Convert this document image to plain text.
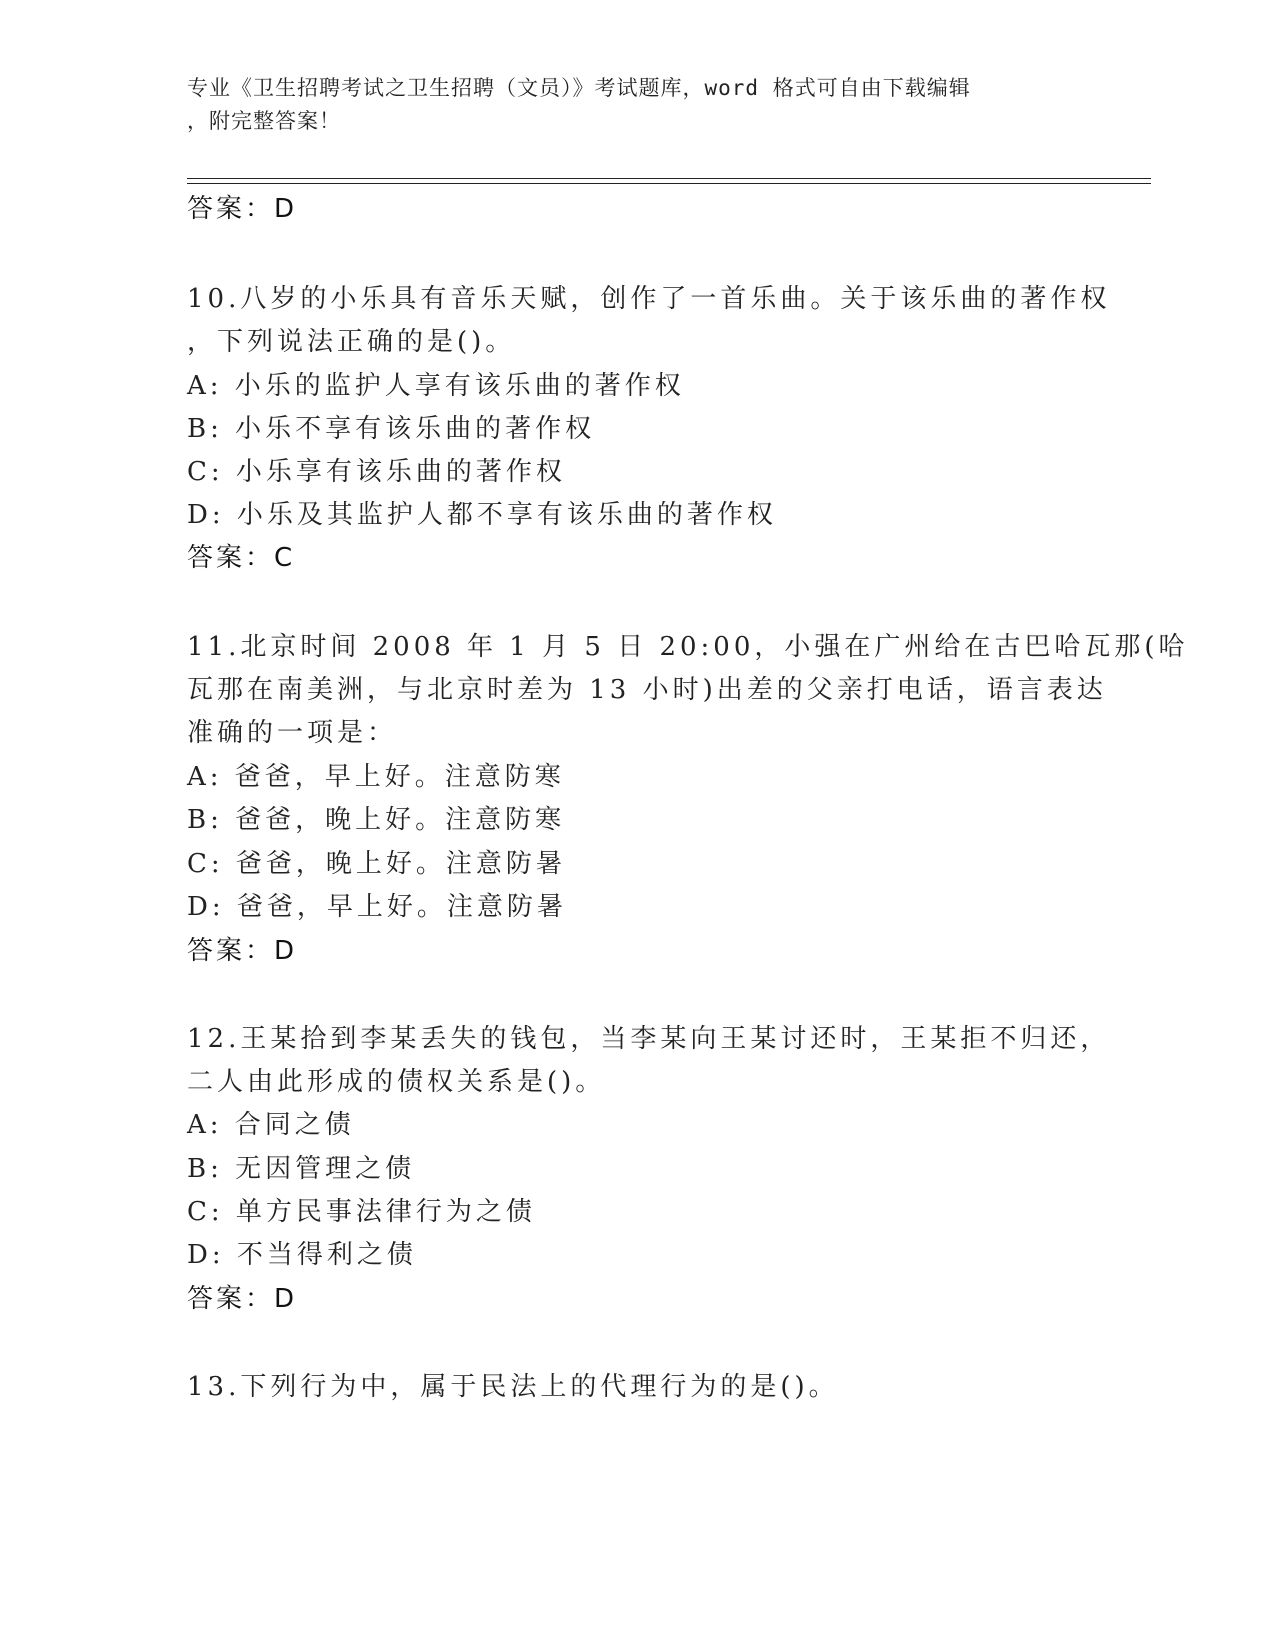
专业《卫生招聘考试之卫生招聘（文员）》考试题库，word 格式可自由下载编辑
，附完整答案！
答案：D
10.八岁的小乐具有音乐天赋，创作了一首乐曲。关于该乐曲的著作权
，下列说法正确的是()。
A: 小乐的监护人享有该乐曲的著作权
B: 小乐不享有该乐曲的著作权
C: 小乐享有该乐曲的著作权
D: 小乐及其监护人都不享有该乐曲的著作权
答案：C
11.北京时间 2008 年 1 月 5 日 20:00，小强在广州给在古巴哈瓦那(哈
瓦那在南美洲，与北京时差为 13 小时)出差的父亲打电话，语言表达
准确的一项是：
A: 爸爸，早上好。注意防寒
B: 爸爸，晚上好。注意防寒
C: 爸爸，晚上好。注意防暑
D: 爸爸，早上好。注意防暑
答案：D
12.王某拾到李某丢失的钱包，当李某向王某讨还时，王某拒不归还，
二人由此形成的债权关系是()。
A: 合同之债
B: 无因管理之债
C: 单方民事法律行为之债
D: 不当得利之债
答案：D
13.下列行为中，属于民法上的代理行为的是()。
